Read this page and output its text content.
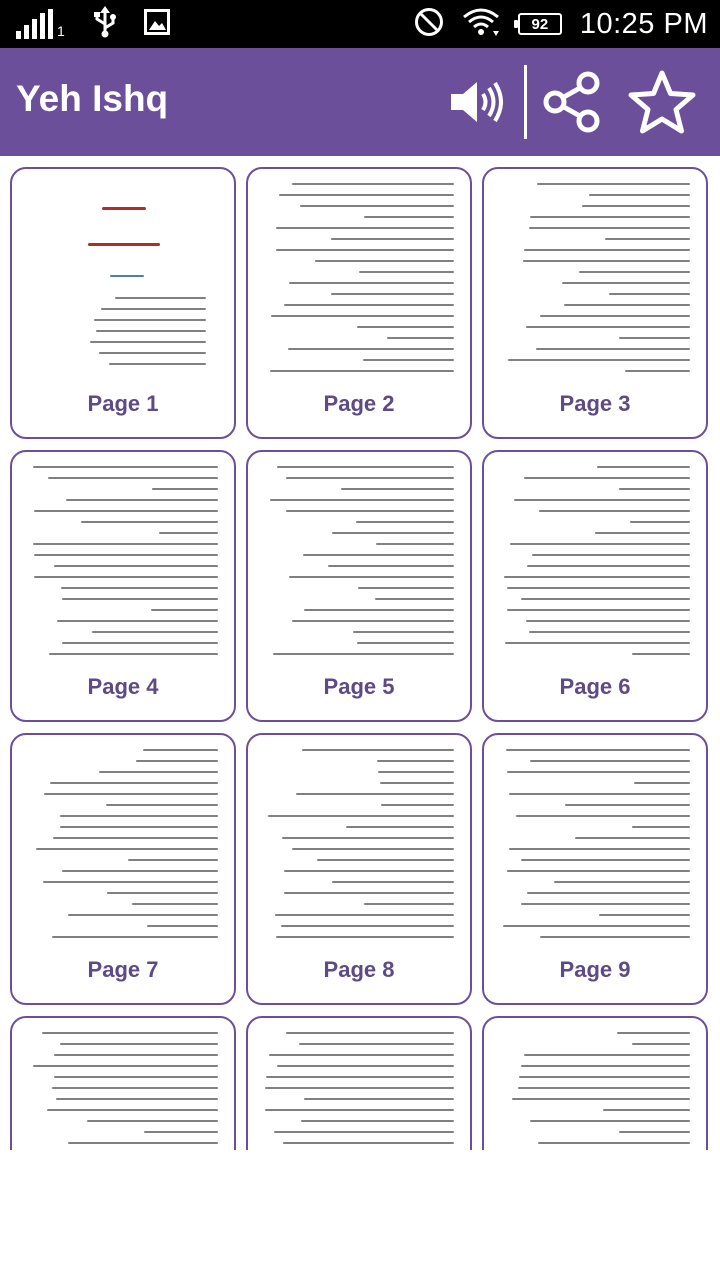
1	92 10:25 PM
Yeh Ishq
Page 1	Page 2	Page 3
Page 4	Page 5	Page 6
Page 7	Page 8	Page 9
